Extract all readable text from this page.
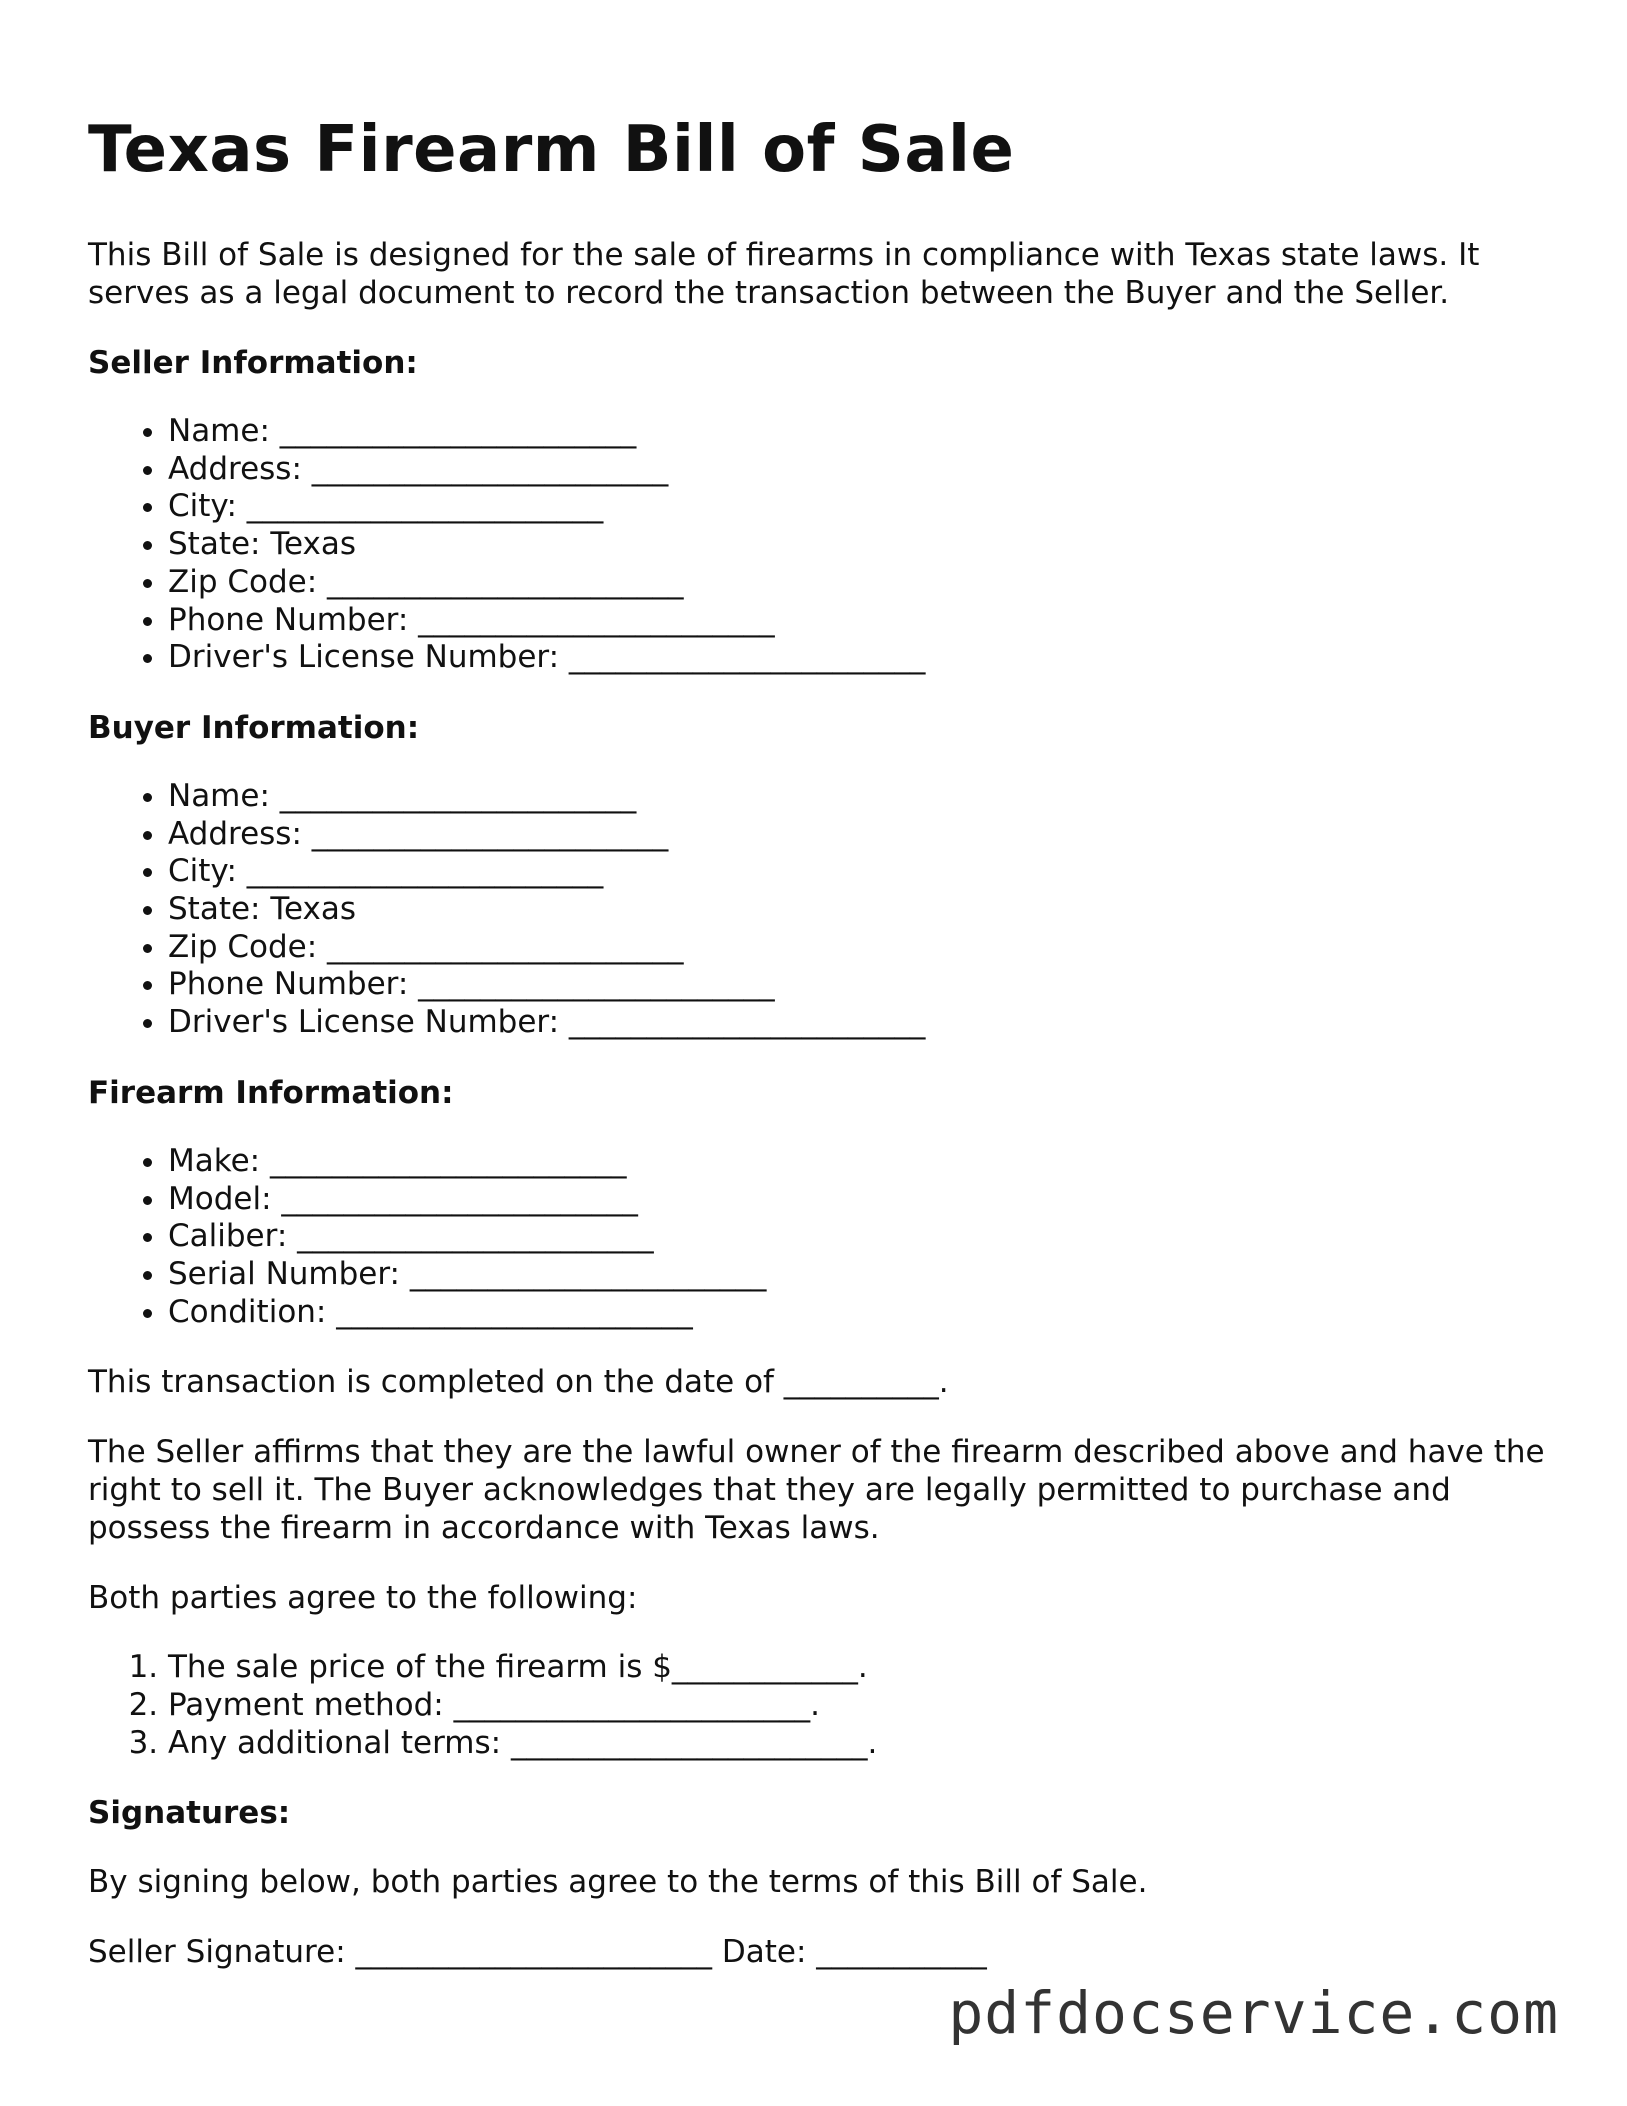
Texas Firearm Bill of Sale

This Bill of Sale is designed for the sale of firearms in compliance with Texas state laws. It serves as a legal document to record the transaction between the Buyer and the Seller.

Seller Information:
• Name: _______________________
• Address: _______________________
• City: _______________________
• State: Texas
• Zip Code: _______________________
• Phone Number: _______________________
• Driver's License Number: _______________________
Buyer Information:
• Name: _______________________
• Address: _______________________
• City: _______________________
• State: Texas
• Zip Code: _______________________
• Phone Number: _______________________
• Driver's License Number: _______________________
Firearm Information:
• Make: _______________________
• Model: _______________________
• Caliber: _______________________
• Serial Number: _______________________
• Condition: _______________________

This transaction is completed on the date of __________.

The Seller affirms that they are the lawful owner of the firearm described above and have the right to sell it. The Buyer acknowledges that they are legally permitted to purchase and possess the firearm in accordance with Texas laws.

Both parties agree to the following:

1. The sale price of the firearm is $____________.
2. Payment method: _______________________.
3. Any additional terms: _______________________.
Signatures:

By signing below, both parties agree to the terms of this Bill of Sale.

Seller Signature: _______________________ Date: ___________

pdfdocservice.com
